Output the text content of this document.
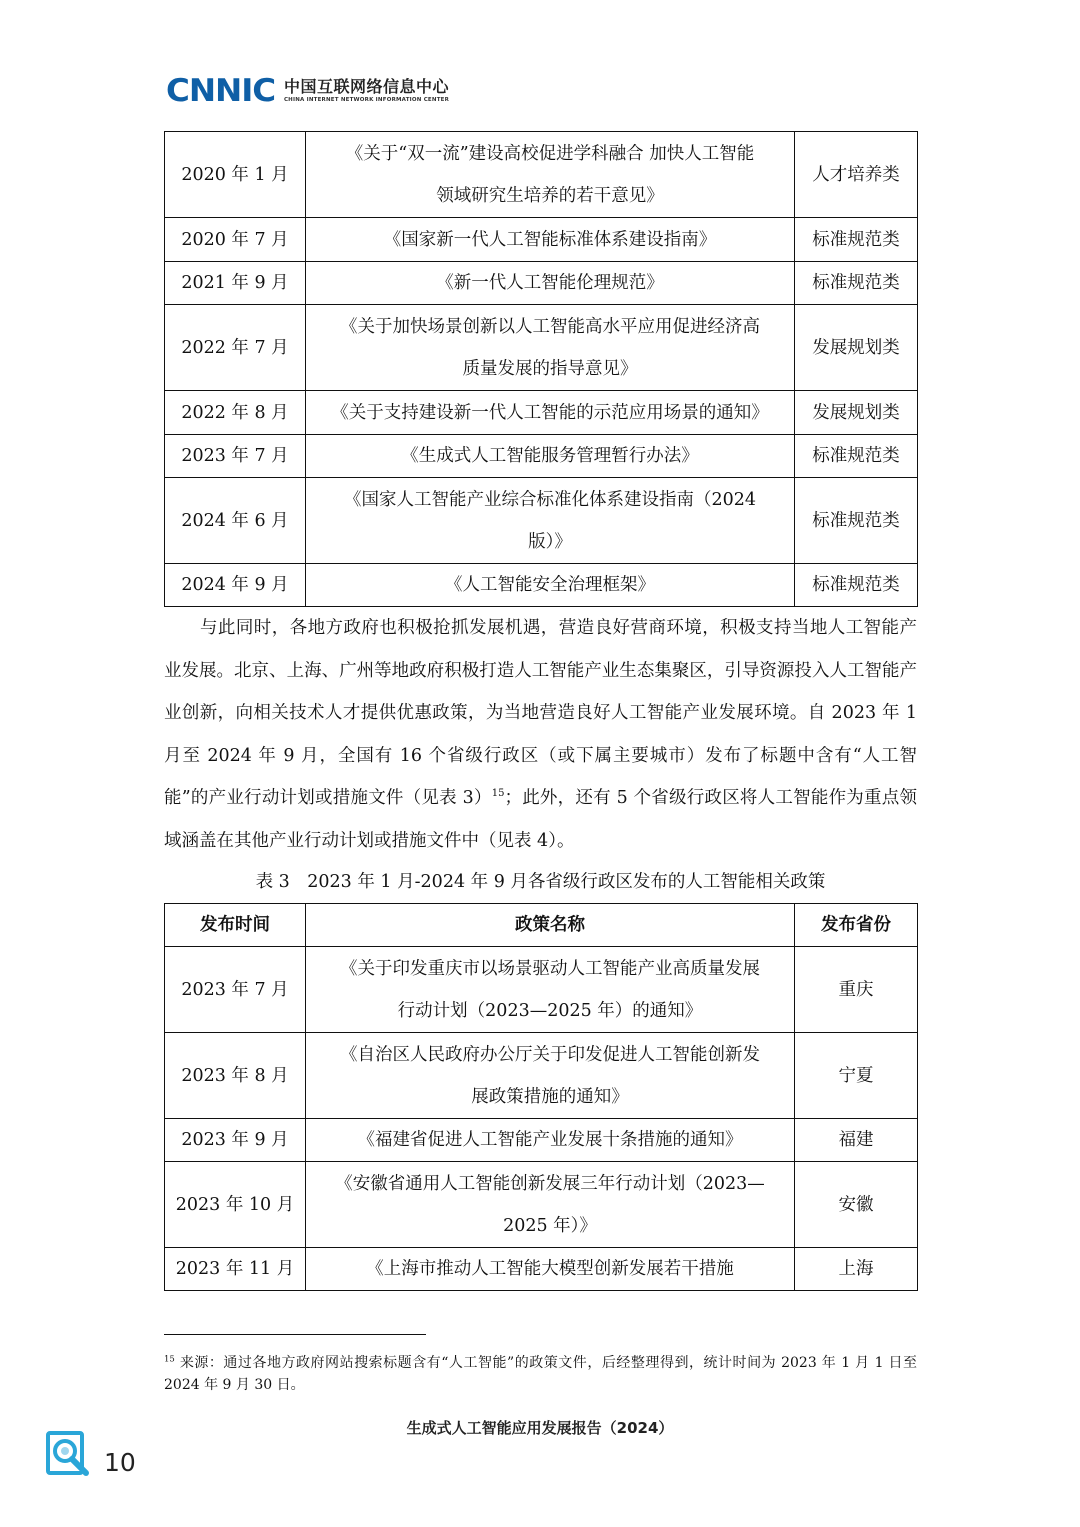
CNNIC 中国互联网络信息中心
CHINA INTERNET NETWORK INFORMATION CENTER
2020 年 1 月	《关于“双一流”建设高校促进学科融合 加快人工智能
领域研究生培养的若干意见》	人才培养类
2020 年 7 月	《国家新一代人工智能标准体系建设指南》	标准规范类
2021 年 9 月	《新一代人工智能伦理规范》	标准规范类
2022 年 7 月	《关于加快场景创新以人工智能高水平应用促进经济高
质量发展的指导意见》	发展规划类
2022 年 8 月	《关于支持建设新一代人工智能的示范应用场景的通知》	发展规划类
2023 年 7 月	《生成式人工智能服务管理暂行办法》	标准规范类
2024 年 6 月	《国家人工智能产业综合标准化体系建设指南（2024
版）》	标准规范类
2024 年 9 月	《人工智能安全治理框架》	标准规范类

与此同时，各地方政府也积极抢抓发展机遇，营造良好营商环境，积极支持当地人工智能产业发展。北京、上海、广州等地政府积极打造人工智能产业生态集聚区，引导资源投入人工智能产业创新，向相关技术人才提供优惠政策，为当地营造良好人工智能产业发展环境。自 2023 年 1 月至 2024 年 9 月，全国有 16 个省级行政区（或下属主要城市）发布了标题中含有“人工智能”的产业行动计划或措施文件（见表 3）$^{15}$；此外，还有 5 个省级行政区将人工智能作为重点领域涵盖在其他产业行动计划或措施文件中（见表 4）。

表 3　2023 年 1 月-2024 年 9 月各省级行政区发布的人工智能相关政策
发布时间	政策名称	发布省份
2023 年 7 月	《关于印发重庆市以场景驱动人工智能产业高质量发展
行动计划（2023—2025 年）的通知》	重庆
2023 年 8 月	《自治区人民政府办公厅关于印发促进人工智能创新发
展政策措施的通知》	宁夏
2023 年 9 月	《福建省促进人工智能产业发展十条措施的通知》	福建
2023 年 10 月	《安徽省通用人工智能创新发展三年行动计划（2023—
2025 年）》	安徽
2023 年 11 月	《上海市推动人工智能大模型创新发展若干措施	上海

$^{15}$ 来源：通过各地方政府网站搜索标题含有“人工智能”的政策文件，后经整理得到，统计时间为 2023 年 1 月 1 日至 2024 年 9 月 30 日。

生成式人工智能应用发展报告（2024）
10
